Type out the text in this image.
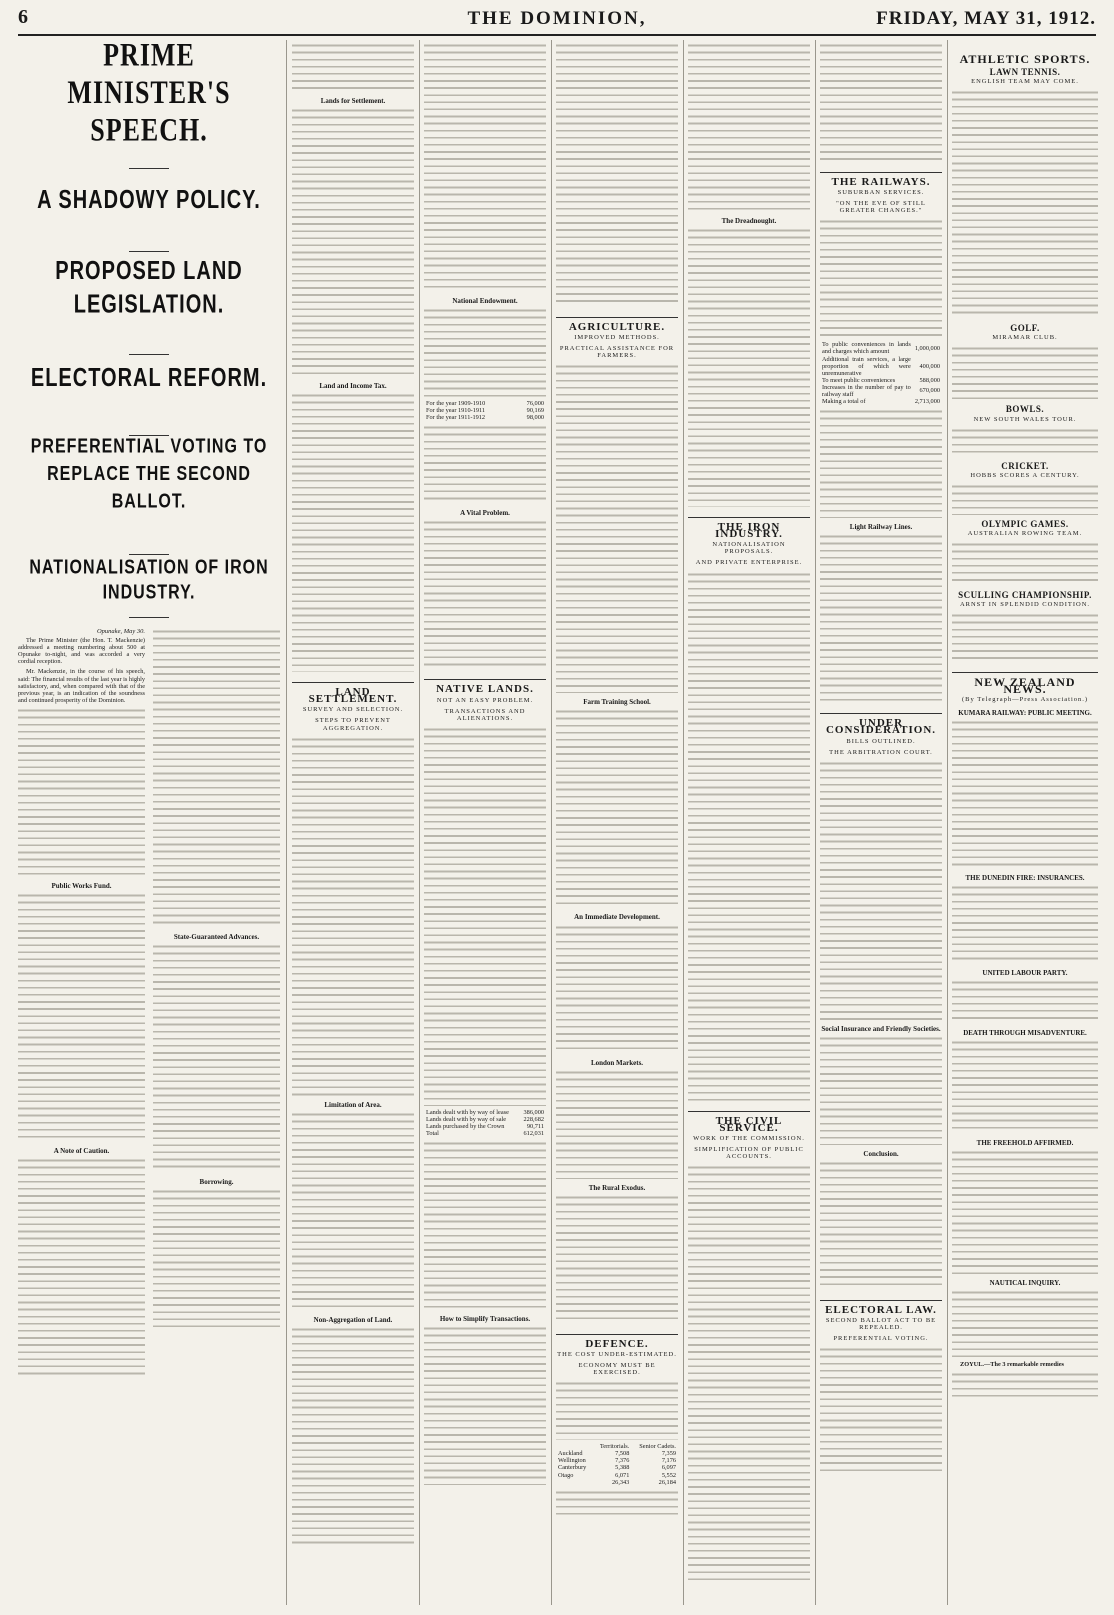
6	THE DOMINION,	FRIDAY, MAY 31, 1912.
PRIME MINISTER'S SPEECH.
A SHADOWY POLICY.
PROPOSED LAND LEGISLATION.
ELECTORAL REFORM.
PREFERENTIAL VOTING TO REPLACE THE SECOND BALLOT.
NATIONALISATION OF IRON INDUSTRY.
Opunake, May 30.
The Prime Minister (the Hon. T. Mackenzie) addressed a meeting numbering about 500 at Opunake to-night, and was accorded a very cordial reception.
Mr. Mackenzie, in the course of his speech, said: The financial results of the last year is highly satisfactory, and, when compared with that of the previous year, is an indication of the soundness and continued prosperity of the Dominion.
Public Works Fund.
A Note of Caution.
State-Guaranteed Advances.
Borrowing.
Lands for Settlement.
Land and Income Tax.
LAND SETTLEMENT.
SURVEY AND SELECTION.
STEPS TO PREVENT AGGREGATION.
Limitation of Area.
Non-Aggregation of Land.
National Endowment.
For the year 1909-1910	76,000
For the year 1910-1911	90,169
For the year 1911-1912	98,000
A Vital Problem.
NATIVE LANDS.
NOT AN EASY PROBLEM.
TRANSACTIONS AND ALIENATIONS.
Lands dealt with by way of lease	386,000
Lands dealt with by way of sale	228,682
Lands purchased by the Crown	90,711
Total	612,031
How to Simplify Transactions.
AGRICULTURE.
IMPROVED METHODS.
PRACTICAL ASSISTANCE FOR FARMERS.
Farm Training School.
An Immediate Development.
London Markets.
The Rural Exodus.
DEFENCE.
THE COST UNDER-ESTIMATED.
ECONOMY MUST BE EXERCISED.
	Territorials.	Senior Cadets.
Auckland	7,508	7,359
Wellington	7,376	7,176
Canterbury	5,388	6,097
Otago	6,071	5,552
	26,343	26,184
The Dreadnought.
THE IRON INDUSTRY.
NATIONALISATION PROPOSALS.
AND PRIVATE ENTERPRISE.
THE CIVIL SERVICE.
WORK OF THE COMMISSION.
SIMPLIFICATION OF PUBLIC ACCOUNTS.
THE RAILWAYS.
SUBURBAN SERVICES.
"ON THE EVE OF STILL GREATER CHANGES."
To public conveniences in lands and charges which amount	1,000,000
Additional train services, a large proportion of which were unremunerative	400,000
To meet public conveniences	588,000
Increases in the number of pay to railway staff	670,000
Making a total of	2,713,000
Light Railway Lines.
UNDER CONSIDERATION.
BILLS OUTLINED.
THE ARBITRATION COURT.
Social Insurance and Friendly Societies.
Conclusion.
ELECTORAL LAW.
SECOND BALLOT ACT TO BE REPEALED.
PREFERENTIAL VOTING.
ATHLETIC SPORTS.
LAWN TENNIS.
ENGLISH TEAM MAY COME.
GOLF.
MIRAMAR CLUB.
BOWLS.
NEW SOUTH WALES TOUR.
CRICKET.
HOBBS SCORES A CENTURY.
OLYMPIC GAMES.
AUSTRALIAN ROWING TEAM.
SCULLING CHAMPIONSHIP.
ARNST IN SPLENDID CONDITION.
NEW ZEALAND NEWS.
(By Telegraph—Press Association.)
KUMARA RAILWAY: PUBLIC MEETING.
THE DUNEDIN FIRE: INSURANCES.
UNITED LABOUR PARTY.
DEATH THROUGH MISADVENTURE.
THE FREEHOLD AFFIRMED.
NAUTICAL INQUIRY.
ZOYUL.—The 3 remarkable remedies
